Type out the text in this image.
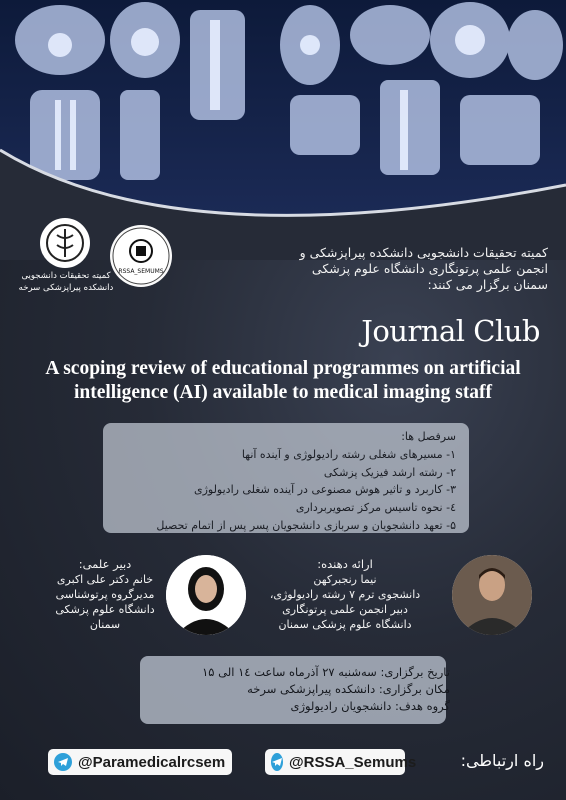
کمیته تحقیقات دانشجویی
دانشکده پیراپزشکی سرخه
RSSA_SEMUMS
کمیته تحقیقات دانشجویی دانشکده پیراپزشکی و
انجمن علمی پرتونگاری دانشگاه علوم پزشکی
سمنان برگزار می کنند:
Journal Club
A scoping review of educational programmes on artificial intelligence (AI) available to medical imaging staff
سرفصل ها:
۱- مسیرهای شغلی رشته رادیولوژی و آینده آنها
۲- رشته ارشد فیزیک پزشکی
۳- کاربرد و تاثیر هوش مصنوعی در آینده شغلی رادیولوژی
٤- نحوه تاسیس مرکز تصویربرداری
۵- تعهد دانشجویان و سربازی دانشجویان پسر پس از اتمام تحصیل
دبیر علمی:
خانم دکتر علی اکبری
مدیرگروه پرتوشناسی
دانشگاه علوم پزشکی
سمنان
ارائه دهنده:
نیما رنجبرکهن
دانشجوی ترم ۷ رشته رادیولوژی،
دبیر انجمن علمی پرتونگاری
دانشگاه علوم پزشکی سمنان
تاریخ برگزاری: سه‌شنبه ۲۷ آذرماه ساعت ١٤ الی ١۵
مکان برگزاری: دانشکده پیراپزشکی سرخه
گروه هدف: دانشجویان رادیولوژی
راه ارتباطی:
@Paramedicalrcsem	@RSSA_Semums
